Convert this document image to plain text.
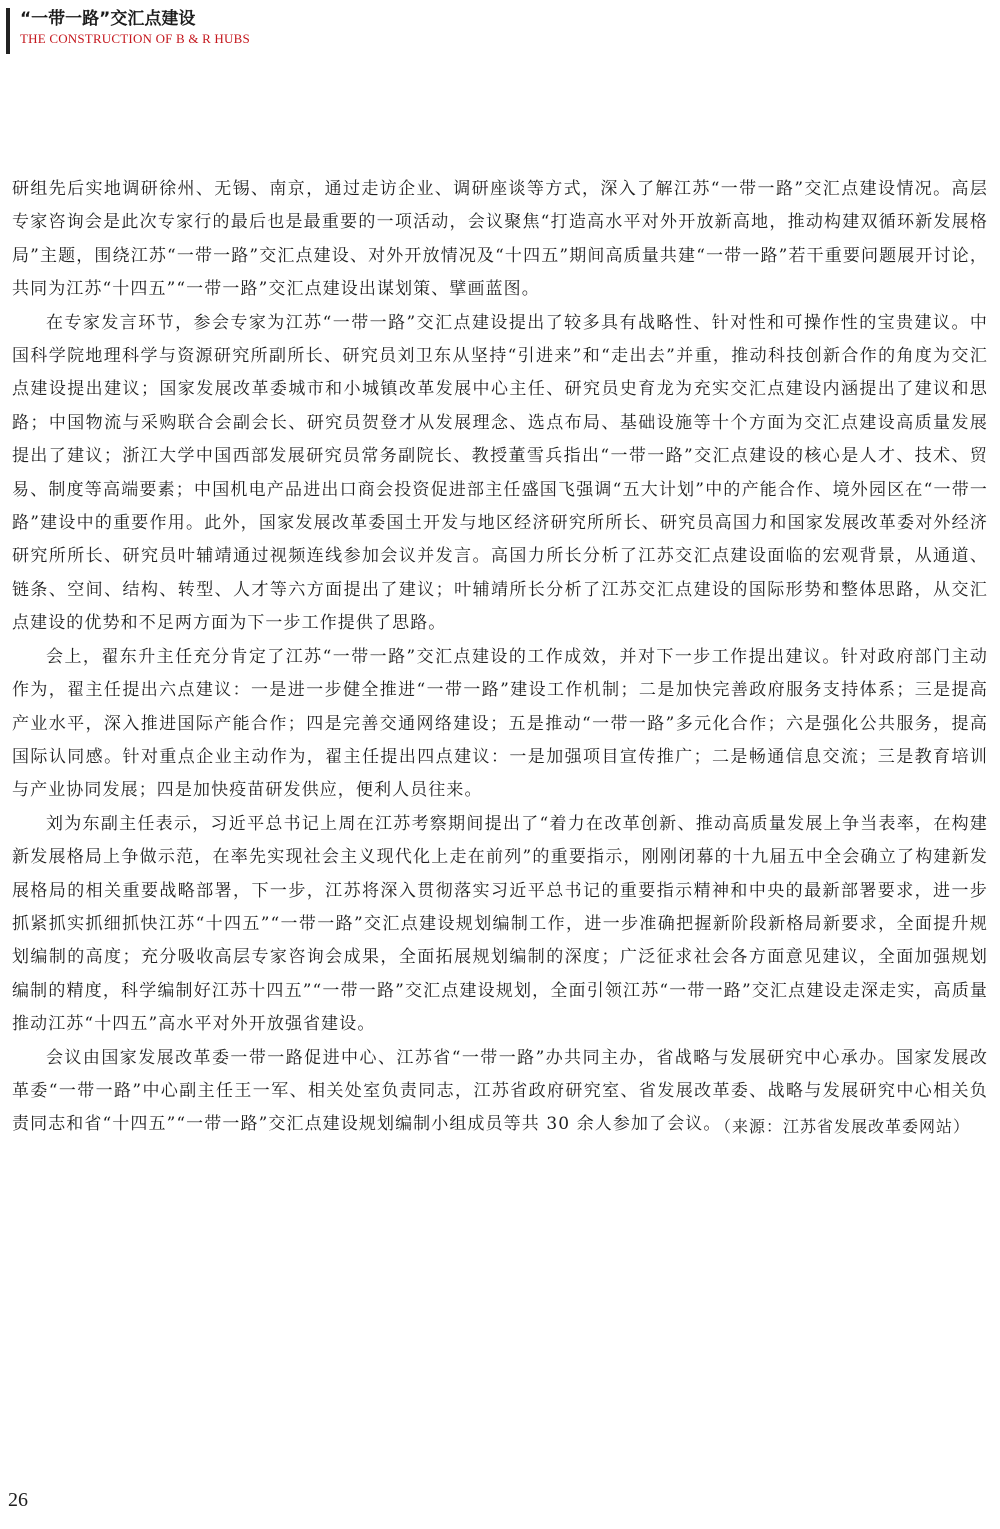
“一带一路”交汇点建设
THE CONSTRUCTION OF B & R HUBS

研组先后实地调研徐州、无锡、南京，通过走访企业、调研座谈等方式，深入了解江苏“一带一路”交汇点建设情况。高层专家咨询会是此次专家行的最后也是最重要的一项活动，会议聚焦“打造高水平对外开放新高地，推动构建双循环新发展格局”主题，围绕江苏“一带一路”交汇点建设、对外开放情况及“十四五”期间高质量共建“一带一路”若干重要问题展开讨论，共同为江苏“十四五”“一带一路”交汇点建设出谋划策、擘画蓝图。

在专家发言环节，参会专家为江苏“一带一路”交汇点建设提出了较多具有战略性、针对性和可操作性的宝贵建议。中国科学院地理科学与资源研究所副所长、研究员刘卫东从坚持“引进来”和“走出去”并重，推动科技创新合作的角度为交汇点建设提出建议；国家发展改革委城市和小城镇改革发展中心主任、研究员史育龙为充实交汇点建设内涵提出了建议和思路；中国物流与采购联合会副会长、研究员贺登才从发展理念、选点布局、基础设施等十个方面为交汇点建设高质量发展提出了建议；浙江大学中国西部发展研究员常务副院长、教授董雪兵指出“一带一路”交汇点建设的核心是人才、技术、贸易、制度等高端要素；中国机电产品进出口商会投资促进部主任盛国飞强调“五大计划”中的产能合作、境外园区在“一带一路”建设中的重要作用。此外，国家发展改革委国土开发与地区经济研究所所长、研究员高国力和国家发展改革委对外经济研究所所长、研究员叶辅靖通过视频连线参加会议并发言。高国力所长分析了江苏交汇点建设面临的宏观背景，从通道、链条、空间、结构、转型、人才等六方面提出了建议；叶辅靖所长分析了江苏交汇点建设的国际形势和整体思路，从交汇点建设的优势和不足两方面为下一步工作提供了思路。

会上，翟东升主任充分肯定了江苏“一带一路”交汇点建设的工作成效，并对下一步工作提出建议。针对政府部门主动作为，翟主任提出六点建议：一是进一步健全推进“一带一路”建设工作机制；二是加快完善政府服务支持体系；三是提高产业水平，深入推进国际产能合作；四是完善交通网络建设；五是推动“一带一路”多元化合作；六是强化公共服务，提高国际认同感。针对重点企业主动作为，翟主任提出四点建议：一是加强项目宣传推广；二是畅通信息交流；三是教育培训与产业协同发展；四是加快疫苗研发供应，便利人员往来。

刘为东副主任表示，习近平总书记上周在江苏考察期间提出了“着力在改革创新、推动高质量发展上争当表率，在构建新发展格局上争做示范，在率先实现社会主义现代化上走在前列”的重要指示，刚刚闭幕的十九届五中全会确立了构建新发展格局的相关重要战略部署，下一步，江苏将深入贯彻落实习近平总书记的重要指示精神和中央的最新部署要求，进一步抓紧抓实抓细抓快江苏“十四五”“一带一路”交汇点建设规划编制工作，进一步准确把握新阶段新格局新要求，全面提升规划编制的高度；充分吸收高层专家咨询会成果，全面拓展规划编制的深度；广泛征求社会各方面意见建议，全面加强规划编制的精度，科学编制好江苏十四五”“一带一路”交汇点建设规划，全面引领江苏“一带一路”交汇点建设走深走实，高质量推动江苏“十四五”高水平对外开放强省建设。

会议由国家发展改革委一带一路促进中心、江苏省“一带一路”办共同主办，省战略与发展研究中心承办。国家发展改革委“一带一路”中心副主任王一军、相关处室负责同志，江苏省政府研究室、省发展改革委、战略与发展研究中心相关负责同志和省“十四五”“一带一路”交汇点建设规划编制小组成员等共 30 余人参加了会议。

（来源：江苏省发展改革委网站）

26
